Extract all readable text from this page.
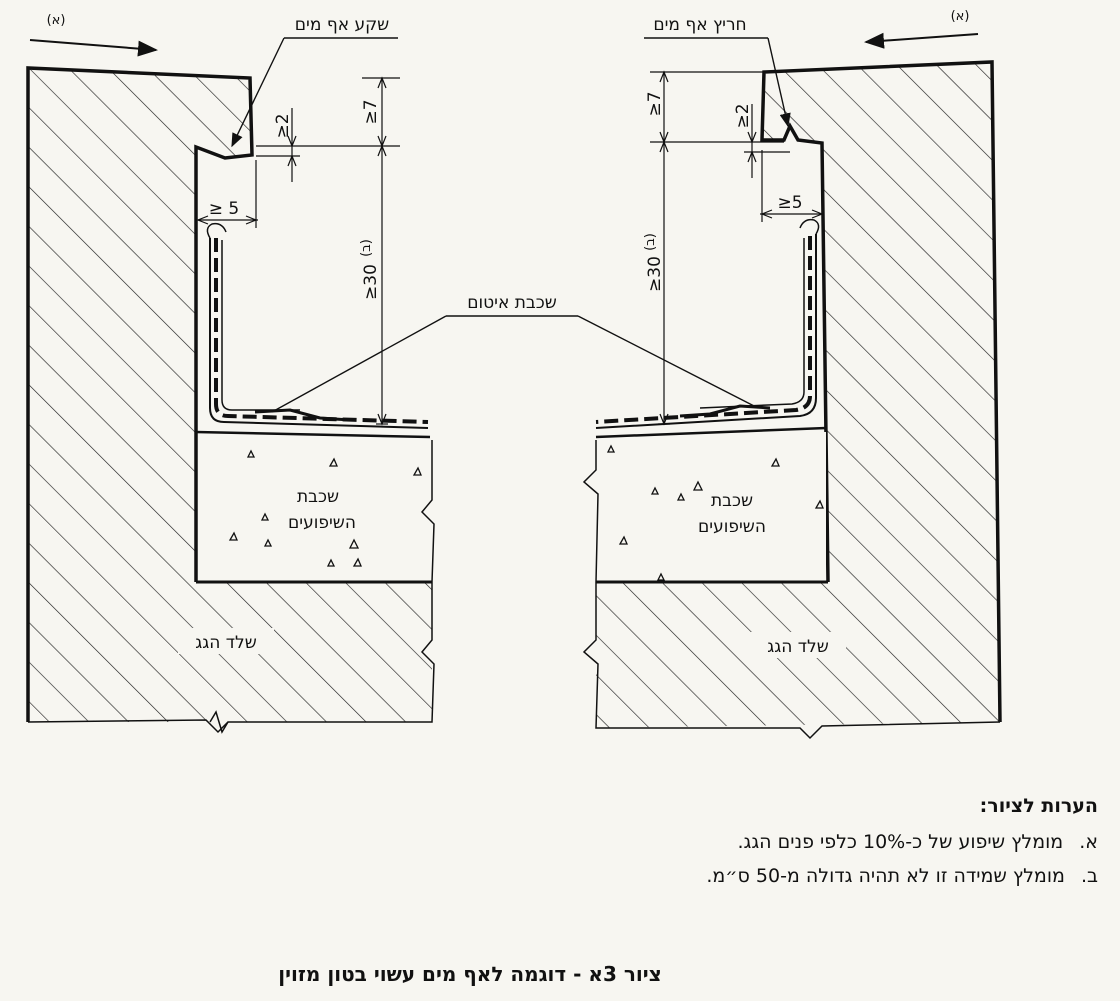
(א)	(א)
שקע אף מים	חריץ אף מים
שכבת איטום
שכבת
השיפועים
שכבת
השיפועים
שלד הגג	שלד הגג
≥7
≥2
≥ 5
≥30
(ב)
≥7	≥2
≥5
≥30
(ב)
הערות לציור:
א. מומלץ שיפוע של כ-10% כלפי פנים הגג.
ב. מומלץ שמידה זו לא תהיה גדולה מ-50 ס״מ.
ציור 3א - דוגמה לאף מים עשוי בטון מזוין
